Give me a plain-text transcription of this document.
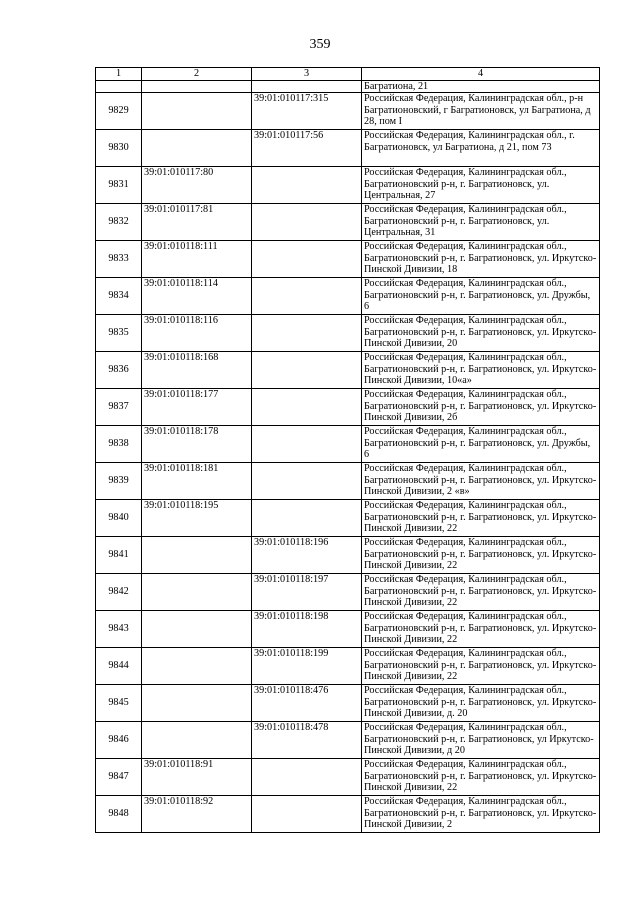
359
1	2	3	4
			Багратиона, 21
9829		39:01:010117:315	Российская Федерация, Калининградская обл., р-н Багратионовский, г Багратионовск, ул Багратиона, д 28, пом I
9830		39:01:010117:56	Российская Федерация, Калининградская обл., г. Багратионовск, ул Багратиона, д 21, пом 73
9831	39:01:010117:80		Российская Федерация, Калининградская обл., Багратионовский р-н, г. Багратионовск, ул. Центральная, 27
9832	39:01:010117:81		Российская Федерация, Калининградская обл., Багратионовский р-н, г. Багратионовск, ул. Центральная, 31
9833	39:01:010118:111		Российская Федерация, Калининградская обл., Багратионовский р-н, г. Багратионовск, ул. Иркутско-Пинской Дивизии, 18
9834	39:01:010118:114		Российская Федерация, Калининградская обл., Багратионовский р-н, г. Багратионовск, ул. Дружбы, 6
9835	39:01:010118:116		Российская Федерация, Калининградская обл., Багратионовский р-н, г. Багратионовск, ул. Иркутско-Пинской Дивизии, 20
9836	39:01:010118:168		Российская Федерация, Калининградская обл., Багратионовский р-н, г. Багратионовск, ул. Иркутско-Пинской Дивизии, 10«а»
9837	39:01:010118:177		Российская Федерация, Калининградская обл., Багратионовский р-н, г. Багратионовск, ул. Иркутско-Пинской Дивизии, 2б
9838	39:01:010118:178		Российская Федерация, Калининградская обл., Багратионовский р-н, г. Багратионовск, ул. Дружбы, 6
9839	39:01:010118:181		Российская Федерация, Калининградская обл., Багратионовский р-н, г. Багратионовск, ул. Иркутско-Пинской Дивизии, 2 «в»
9840	39:01:010118:195		Российская Федерация, Калининградская обл., Багратионовский р-н, г. Багратионовск, ул. Иркутско-Пинской Дивизии, 22
9841		39:01:010118:196	Российская Федерация, Калининградская обл., Багратионовский р-н, г. Багратионовск, ул. Иркутско-Пинской Дивизии, 22
9842		39:01:010118:197	Российская Федерация, Калининградская обл., Багратионовский р-н, г. Багратионовск, ул. Иркутско-Пинской Дивизии, 22
9843		39:01:010118:198	Российская Федерация, Калининградская обл., Багратионовский р-н, г. Багратионовск, ул. Иркутско-Пинской Дивизии, 22
9844		39:01:010118:199	Российская Федерация, Калининградская обл., Багратионовский р-н, г. Багратионовск, ул. Иркутско-Пинской Дивизии, 22
9845		39:01:010118:476	Российская Федерация, Калининградская обл., Багратионовский р-н, г. Багратионовск, ул. Иркутско-Пинской Дивизии, д. 20
9846		39:01:010118:478	Российская Федерация, Калининградская обл., Багратионовский р-н, г. Багратионовск, ул Иркутско-Пинской Дивизии, д 20
9847	39:01:010118:91		Российская Федерация, Калининградская обл., Багратионовский р-н, г. Багратионовск, ул. Иркутско-Пинской Дивизии, 22
9848	39:01:010118:92		Российская Федерация, Калининградская обл., Багратионовский р-н, г. Багратионовск, ул. Иркутско-Пинской Дивизии, 2
